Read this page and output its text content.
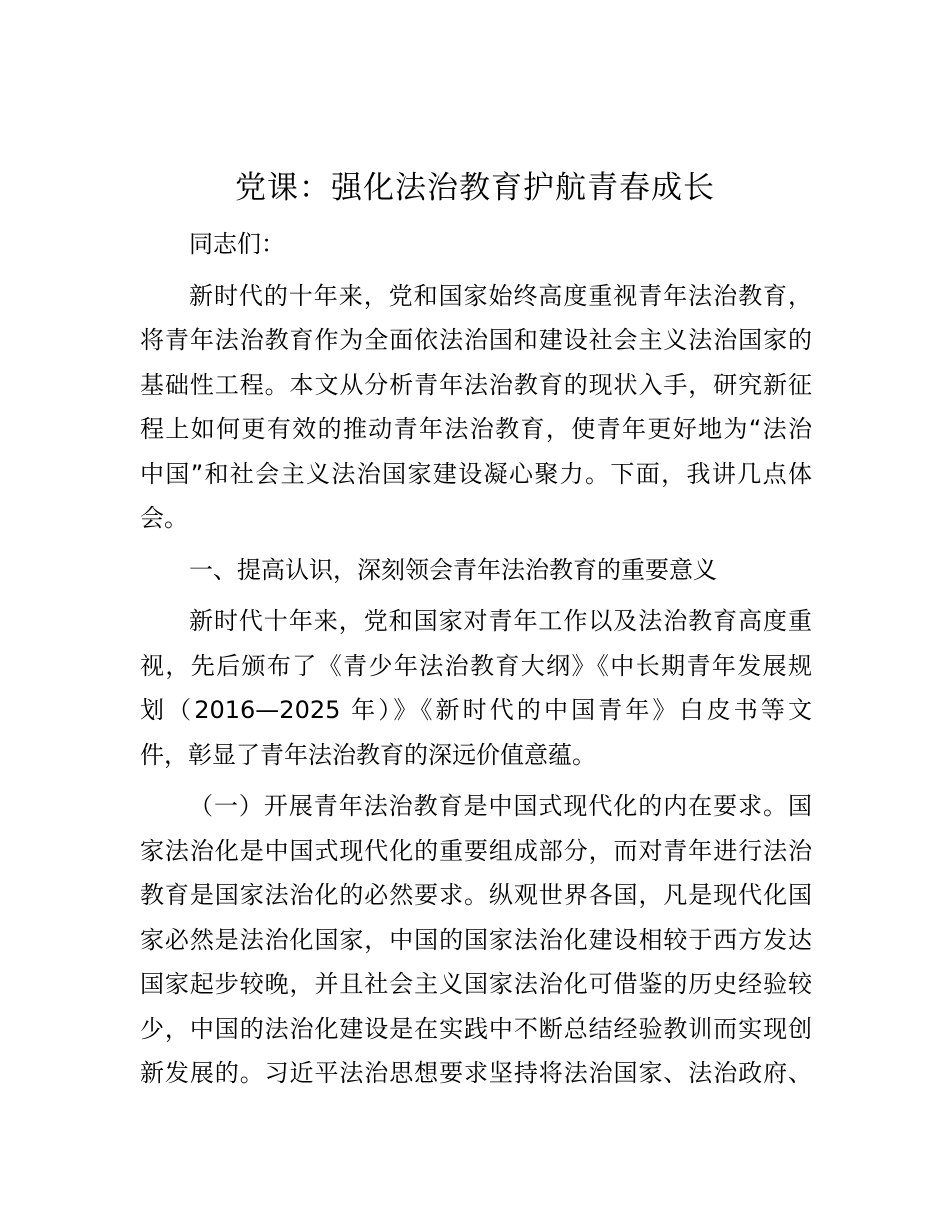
党课：强化法治教育护航青春成长

同志们：

新时代的十年来，党和国家始终高度重视青年法治教育，
将青年法治教育作为全面依法治国和建设社会主义法治国家的
基础性工程。本文从分析青年法治教育的现状入手，研究新征
程上如何更有效的推动青年法治教育，使青年更好地为“法治
中国”和社会主义法治国家建设凝心聚力。下面，我讲几点体
会。

一、提高认识，深刻领会青年法治教育的重要意义

新时代十年来，党和国家对青年工作以及法治教育高度重
视，先后颁布了《青少年法治教育大纲》《中长期青年发展规
划（2016—2025 年）》《新时代的中国青年》白皮书等文
件，彰显了青年法治教育的深远价值意蕴。

（一）开展青年法治教育是中国式现代化的内在要求。国
家法治化是中国式现代化的重要组成部分，而对青年进行法治
教育是国家法治化的必然要求。纵观世界各国，凡是现代化国
家必然是法治化国家，中国的国家法治化建设相较于西方发达
国家起步较晚，并且社会主义国家法治化可借鉴的历史经验较
少，中国的法治化建设是在实践中不断总结经验教训而实现创
新发展的。习近平法治思想要求坚持将法治国家、法治政府、
